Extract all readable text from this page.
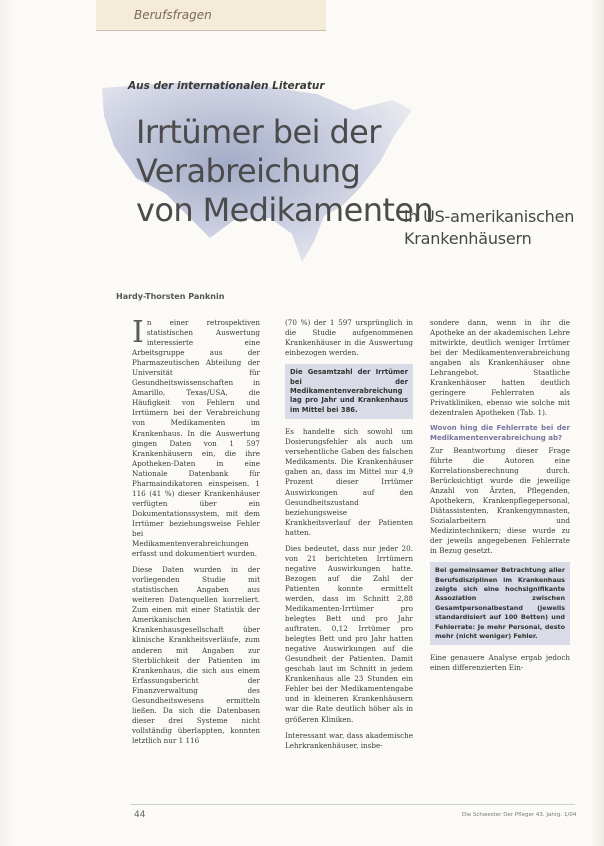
Berufsfragen
Aus der internationalen Literatur
Irrtümer bei der Verabreichung
von Medikamenten
in US-amerikanischen
Krankenhäusern
Hardy-Thorsten Panknin

In einer retrospektiven statistischen Auswertung interessierte eine Arbeitsgruppe aus der Pharmazeutischen Abteilung der Universität für Gesundheitswissenschaften in Amarillo, Texas/USA, die Häufigkeit von Fehlern und Irrtümern bei der Verabreichung von Medikamenten im Krankenhaus. In die Auswertung gingen Daten von 1 597 Krankenhäusern ein, die ihre Apotheken-Daten in eine Nationale Datenbank für Pharmaindikatoren einspeisen. 1 116 (41 %) dieser Krankenhäuser verfügten über ein Dokumentationssystem, mit dem Irrtümer beziehungsweise Fehler bei Medikamentenverabreichungen erfasst und dokumentiert wurden.

Diese Daten wurden in der vorliegenden Studie mit statistischen Angaben aus weiteren Datenquellen korreliert. Zum einen mit einer Statistik der Amerikanischen Krankenhausgesellschaft über klinische Krankheitsverläufe, zum anderen mit Angaben zur Sterblichkeit der Patienten im Krankenhaus, die sich aus einem Erfassungsbericht der Finanzverwaltung des Gesundheitswesens ermitteln ließen. Da sich die Datenbasen dieser drei Systeme nicht vollständig überlappten, konnten letztlich nur 1 116

(70 %) der 1 597 ursprünglich in die Studie aufgenommenen Krankenhäuser in die Auswertung einbezogen werden.

Die Gesamtzahl der Irrtümer bei der Medikamentenverabreichung lag pro Jahr und Krankenhaus im Mittel bei 386.

Es handelte sich sowohl um Dosierungsfehler als auch um versehentliche Gaben des falschen Medikaments. Die Krankenhäuser gaben an, dass im Mittel nur 4,9 Prozent dieser Irrtümer Auswirkungen auf den Gesundheitszustand beziehungsweise Krankheitsverlauf der Patienten hatten.

Dies bedeutet, dass nur jeder 20. von 21 berichteten Irrtümern negative Auswirkungen hatte. Bezogen auf die Zahl der Patienten konnte ermittelt werden, dass im Schnitt 2,88 Medikamenten-Irrtümer pro belegtes Bett und pro Jahr auftraten. 0,12 Irrtümer pro belegtes Bett und pro Jahr hatten negative Auswirkungen auf die Gesundheit der Patienten. Damit geschah laut im Schnitt in jedem Krankenhaus alle 23 Stunden ein Fehler bei der Medikamentengabe und in kleineren Krankenhäusern war die Rate deutlich höher als in größeren Kliniken.

Interessant war, dass akademische Lehrkrankenhäuser, insbe-

sondere dann, wenn in ihr die Apotheke an der akademischen Lehre mitwirkte, deutlich weniger Irrtümer bei der Medikamentenverabreichung angaben als Krankenhäuser ohne Lehrangebot. Staatliche Krankenhäuser hatten deutlich geringere Fehlerraten als Privatkliniken, ebenso wie solche mit dezentralen Apotheken (Tab. 1).

Wovon hing die Fehlerrate bei der Medikamentenverabreichung ab?

Zur Beantwortung dieser Frage führte die Autoren eine Korrelationsberechnung durch. Berücksichtigt wurde die jeweilige Anzahl von Ärzten, Pflegenden, Apothekern, Krankenpflegepersonal, Diätassistenten, Krankengymnasten, Sozialarbeitern und Medizintechnikern; diese wurde zu der jeweils angegebenen Fehlerrate in Bezug gesetzt.

Bei gemeinsamer Betrachtung aller Berufsdisziplinen im Krankenhaus zeigte sich eine hochsignifikante Assoziation zwischen Gesamtpersonalbestand (jeweils standardisiert auf 100 Betten) und Fehlerrate: Je mehr Personal, desto mehr (nicht weniger) Fehler.

Eine genauere Analyse ergab jedoch einen differenzierten Ein-

44	Die Schwester Der Pfleger 43. Jahrg. 1/04
